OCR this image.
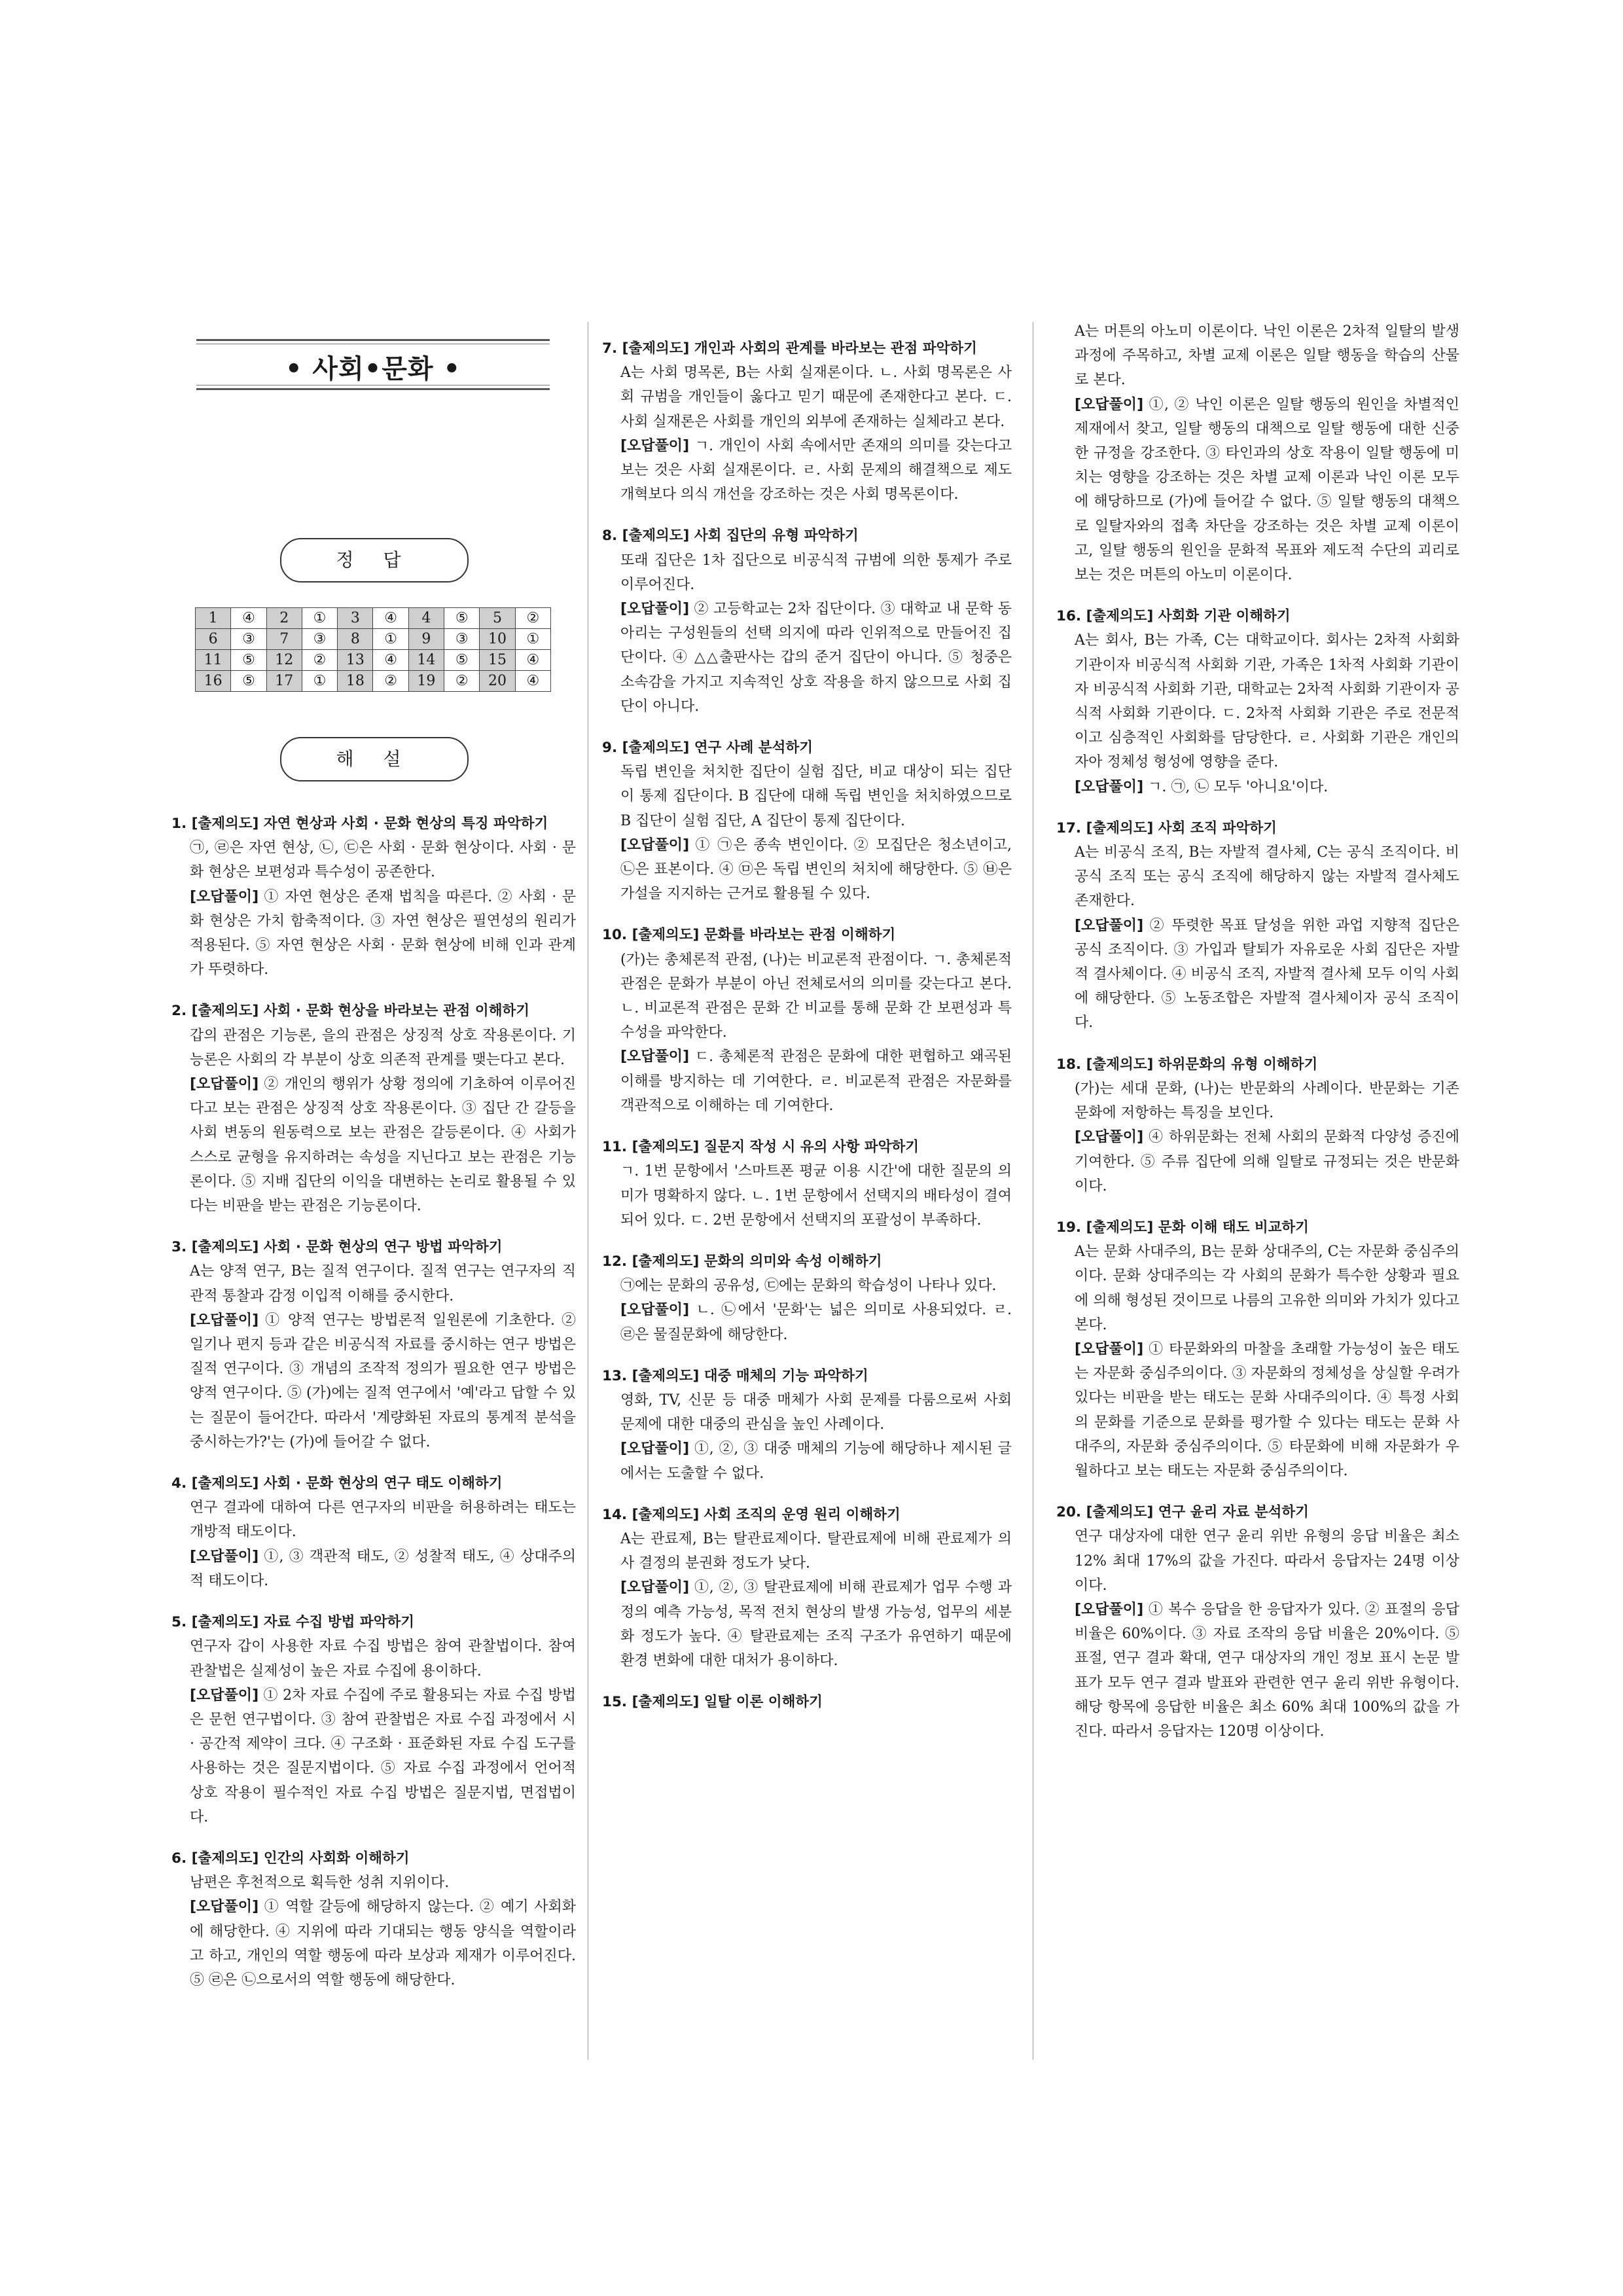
• 사회•문화 •
정 답
1	④	2	①	3	④	4	⑤	5	②
6	③	7	③	8	①	9	③	10	①
11	⑤	12	②	13	④	14	⑤	15	④
16	⑤	17	①	18	②	19	②	20	④
해 설
1. [출제의도] 자연 현상과 사회 · 문화 현상의 특징 파악하기
㉠, ㉣은 자연 현상, ㉡, ㉢은 사회 · 문화 현상이다. 사회 · 문화 현상은 보편성과 특수성이 공존한다.
[오답풀이] ① 자연 현상은 존재 법칙을 따른다. ② 사회 · 문화 현상은 가치 함축적이다. ③ 자연 현상은 필연성의 원리가 적용된다. ⑤ 자연 현상은 사회 · 문화 현상에 비해 인과 관계가 뚜렷하다.
2. [출제의도] 사회 · 문화 현상을 바라보는 관점 이해하기
갑의 관점은 기능론, 을의 관점은 상징적 상호 작용론이다. 기능론은 사회의 각 부분이 상호 의존적 관계를 맺는다고 본다.
[오답풀이] ② 개인의 행위가 상황 정의에 기초하여 이루어진다고 보는 관점은 상징적 상호 작용론이다. ③ 집단 간 갈등을 사회 변동의 원동력으로 보는 관점은 갈등론이다. ④ 사회가 스스로 균형을 유지하려는 속성을 지닌다고 보는 관점은 기능론이다. ⑤ 지배 집단의 이익을 대변하는 논리로 활용될 수 있다는 비판을 받는 관점은 기능론이다.
3. [출제의도] 사회 · 문화 현상의 연구 방법 파악하기
A는 양적 연구, B는 질적 연구이다. 질적 연구는 연구자의 직관적 통찰과 감정 이입적 이해를 중시한다.
[오답풀이] ① 양적 연구는 방법론적 일원론에 기초한다. ② 일기나 편지 등과 같은 비공식적 자료를 중시하는 연구 방법은 질적 연구이다. ③ 개념의 조작적 정의가 필요한 연구 방법은 양적 연구이다. ⑤ (가)에는 질적 연구에서 '예'라고 답할 수 있는 질문이 들어간다. 따라서 '계량화된 자료의 통계적 분석을 중시하는가?'는 (가)에 들어갈 수 없다.
4. [출제의도] 사회 · 문화 현상의 연구 태도 이해하기
연구 결과에 대하여 다른 연구자의 비판을 허용하려는 태도는 개방적 태도이다.
[오답풀이] ①, ③ 객관적 태도, ② 성찰적 태도, ④ 상대주의적 태도이다.
5. [출제의도] 자료 수집 방법 파악하기
연구자 갑이 사용한 자료 수집 방법은 참여 관찰법이다. 참여 관찰법은 실제성이 높은 자료 수집에 용이하다.
[오답풀이] ① 2차 자료 수집에 주로 활용되는 자료 수집 방법은 문헌 연구법이다. ③ 참여 관찰법은 자료 수집 과정에서 시 · 공간적 제약이 크다. ④ 구조화 · 표준화된 자료 수집 도구를 사용하는 것은 질문지법이다. ⑤ 자료 수집 과정에서 언어적 상호 작용이 필수적인 자료 수집 방법은 질문지법, 면접법이다.
6. [출제의도] 인간의 사회화 이해하기
남편은 후천적으로 획득한 성취 지위이다.
[오답풀이] ① 역할 갈등에 해당하지 않는다. ② 예기 사회화에 해당한다. ④ 지위에 따라 기대되는 행동 양식을 역할이라고 하고, 개인의 역할 행동에 따라 보상과 제재가 이루어진다. ⑤ ㉣은 ㉡으로서의 역할 행동에 해당한다.
7. [출제의도] 개인과 사회의 관계를 바라보는 관점 파악하기
A는 사회 명목론, B는 사회 실재론이다. ㄴ. 사회 명목론은 사회 규범을 개인들이 옳다고 믿기 때문에 존재한다고 본다. ㄷ. 사회 실재론은 사회를 개인의 외부에 존재하는 실체라고 본다.
[오답풀이] ㄱ. 개인이 사회 속에서만 존재의 의미를 갖는다고 보는 것은 사회 실재론이다. ㄹ. 사회 문제의 해결책으로 제도 개혁보다 의식 개선을 강조하는 것은 사회 명목론이다.
8. [출제의도] 사회 집단의 유형 파악하기
또래 집단은 1차 집단으로 비공식적 규범에 의한 통제가 주로 이루어진다.
[오답풀이] ② 고등학교는 2차 집단이다. ③ 대학교 내 문학 동아리는 구성원들의 선택 의지에 따라 인위적으로 만들어진 집단이다. ④ △△출판사는 갑의 준거 집단이 아니다. ⑤ 청중은 소속감을 가지고 지속적인 상호 작용을 하지 않으므로 사회 집단이 아니다.
9. [출제의도] 연구 사례 분석하기
독립 변인을 처치한 집단이 실험 집단, 비교 대상이 되는 집단이 통제 집단이다. B 집단에 대해 독립 변인을 처치하였으므로 B 집단이 실험 집단, A 집단이 통제 집단이다.
[오답풀이] ① ㉠은 종속 변인이다. ② 모집단은 청소년이고, ㉡은 표본이다. ④ ㉤은 독립 변인의 처치에 해당한다. ⑤ ㉥은 가설을 지지하는 근거로 활용될 수 있다.
10. [출제의도] 문화를 바라보는 관점 이해하기
(가)는 총체론적 관점, (나)는 비교론적 관점이다. ㄱ. 총체론적 관점은 문화가 부분이 아닌 전체로서의 의미를 갖는다고 본다. ㄴ. 비교론적 관점은 문화 간 비교를 통해 문화 간 보편성과 특수성을 파악한다.
[오답풀이] ㄷ. 총체론적 관점은 문화에 대한 편협하고 왜곡된 이해를 방지하는 데 기여한다. ㄹ. 비교론적 관점은 자문화를 객관적으로 이해하는 데 기여한다.
11. [출제의도] 질문지 작성 시 유의 사항 파악하기
ㄱ. 1번 문항에서 '스마트폰 평균 이용 시간'에 대한 질문의 의미가 명확하지 않다. ㄴ. 1번 문항에서 선택지의 배타성이 결여되어 있다. ㄷ. 2번 문항에서 선택지의 포괄성이 부족하다.
12. [출제의도] 문화의 의미와 속성 이해하기
㉠에는 문화의 공유성, ㉢에는 문화의 학습성이 나타나 있다.
[오답풀이] ㄴ. ㉡에서 '문화'는 넓은 의미로 사용되었다. ㄹ. ㉣은 물질문화에 해당한다.
13. [출제의도] 대중 매체의 기능 파악하기
영화, TV, 신문 등 대중 매체가 사회 문제를 다룸으로써 사회 문제에 대한 대중의 관심을 높인 사례이다.
[오답풀이] ①, ②, ③ 대중 매체의 기능에 해당하나 제시된 글에서는 도출할 수 없다.
14. [출제의도] 사회 조직의 운영 원리 이해하기
A는 관료제, B는 탈관료제이다. 탈관료제에 비해 관료제가 의사 결정의 분권화 정도가 낮다.
[오답풀이] ①, ②, ③ 탈관료제에 비해 관료제가 업무 수행 과정의 예측 가능성, 목적 전치 현상의 발생 가능성, 업무의 세분화 정도가 높다. ④ 탈관료제는 조직 구조가 유연하기 때문에 환경 변화에 대한 대처가 용이하다.
15. [출제의도] 일탈 이론 이해하기
A는 머튼의 아노미 이론이다. 낙인 이론은 2차적 일탈의 발생 과정에 주목하고, 차별 교제 이론은 일탈 행동을 학습의 산물로 본다.
[오답풀이] ①, ② 낙인 이론은 일탈 행동의 원인을 차별적인 제재에서 찾고, 일탈 행동의 대책으로 일탈 행동에 대한 신중한 규정을 강조한다. ③ 타인과의 상호 작용이 일탈 행동에 미치는 영향을 강조하는 것은 차별 교제 이론과 낙인 이론 모두에 해당하므로 (가)에 들어갈 수 없다. ⑤ 일탈 행동의 대책으로 일탈자와의 접촉 차단을 강조하는 것은 차별 교제 이론이고, 일탈 행동의 원인을 문화적 목표와 제도적 수단의 괴리로 보는 것은 머튼의 아노미 이론이다.
16. [출제의도] 사회화 기관 이해하기
A는 회사, B는 가족, C는 대학교이다. 회사는 2차적 사회화 기관이자 비공식적 사회화 기관, 가족은 1차적 사회화 기관이자 비공식적 사회화 기관, 대학교는 2차적 사회화 기관이자 공식적 사회화 기관이다. ㄷ. 2차적 사회화 기관은 주로 전문적이고 심층적인 사회화를 담당한다. ㄹ. 사회화 기관은 개인의 자아 정체성 형성에 영향을 준다.
[오답풀이] ㄱ. ㉠, ㉡ 모두 '아니요'이다.
17. [출제의도] 사회 조직 파악하기
A는 비공식 조직, B는 자발적 결사체, C는 공식 조직이다. 비공식 조직 또는 공식 조직에 해당하지 않는 자발적 결사체도 존재한다.
[오답풀이] ② 뚜렷한 목표 달성을 위한 과업 지향적 집단은 공식 조직이다. ③ 가입과 탈퇴가 자유로운 사회 집단은 자발적 결사체이다. ④ 비공식 조직, 자발적 결사체 모두 이익 사회에 해당한다. ⑤ 노동조합은 자발적 결사체이자 공식 조직이다.
18. [출제의도] 하위문화의 유형 이해하기
(가)는 세대 문화, (나)는 반문화의 사례이다. 반문화는 기존 문화에 저항하는 특징을 보인다.
[오답풀이] ④ 하위문화는 전체 사회의 문화적 다양성 증진에 기여한다. ⑤ 주류 집단에 의해 일탈로 규정되는 것은 반문화이다.
19. [출제의도] 문화 이해 태도 비교하기
A는 문화 사대주의, B는 문화 상대주의, C는 자문화 중심주의이다. 문화 상대주의는 각 사회의 문화가 특수한 상황과 필요에 의해 형성된 것이므로 나름의 고유한 의미와 가치가 있다고 본다.
[오답풀이] ① 타문화와의 마찰을 초래할 가능성이 높은 태도는 자문화 중심주의이다. ③ 자문화의 정체성을 상실할 우려가 있다는 비판을 받는 태도는 문화 사대주의이다. ④ 특정 사회의 문화를 기준으로 문화를 평가할 수 있다는 태도는 문화 사대주의, 자문화 중심주의이다. ⑤ 타문화에 비해 자문화가 우월하다고 보는 태도는 자문화 중심주의이다.
20. [출제의도] 연구 윤리 자료 분석하기
연구 대상자에 대한 연구 윤리 위반 유형의 응답 비율은 최소 12% 최대 17%의 값을 가진다. 따라서 응답자는 24명 이상이다.
[오답풀이] ① 복수 응답을 한 응답자가 있다. ② 표절의 응답 비율은 60%이다. ③ 자료 조작의 응답 비율은 20%이다. ⑤ 표절, 연구 결과 확대, 연구 대상자의 개인 정보 표시 논문 발표가 모두 연구 결과 발표와 관련한 연구 윤리 위반 유형이다. 해당 항목에 응답한 비율은 최소 60% 최대 100%의 값을 가진다. 따라서 응답자는 120명 이상이다.
